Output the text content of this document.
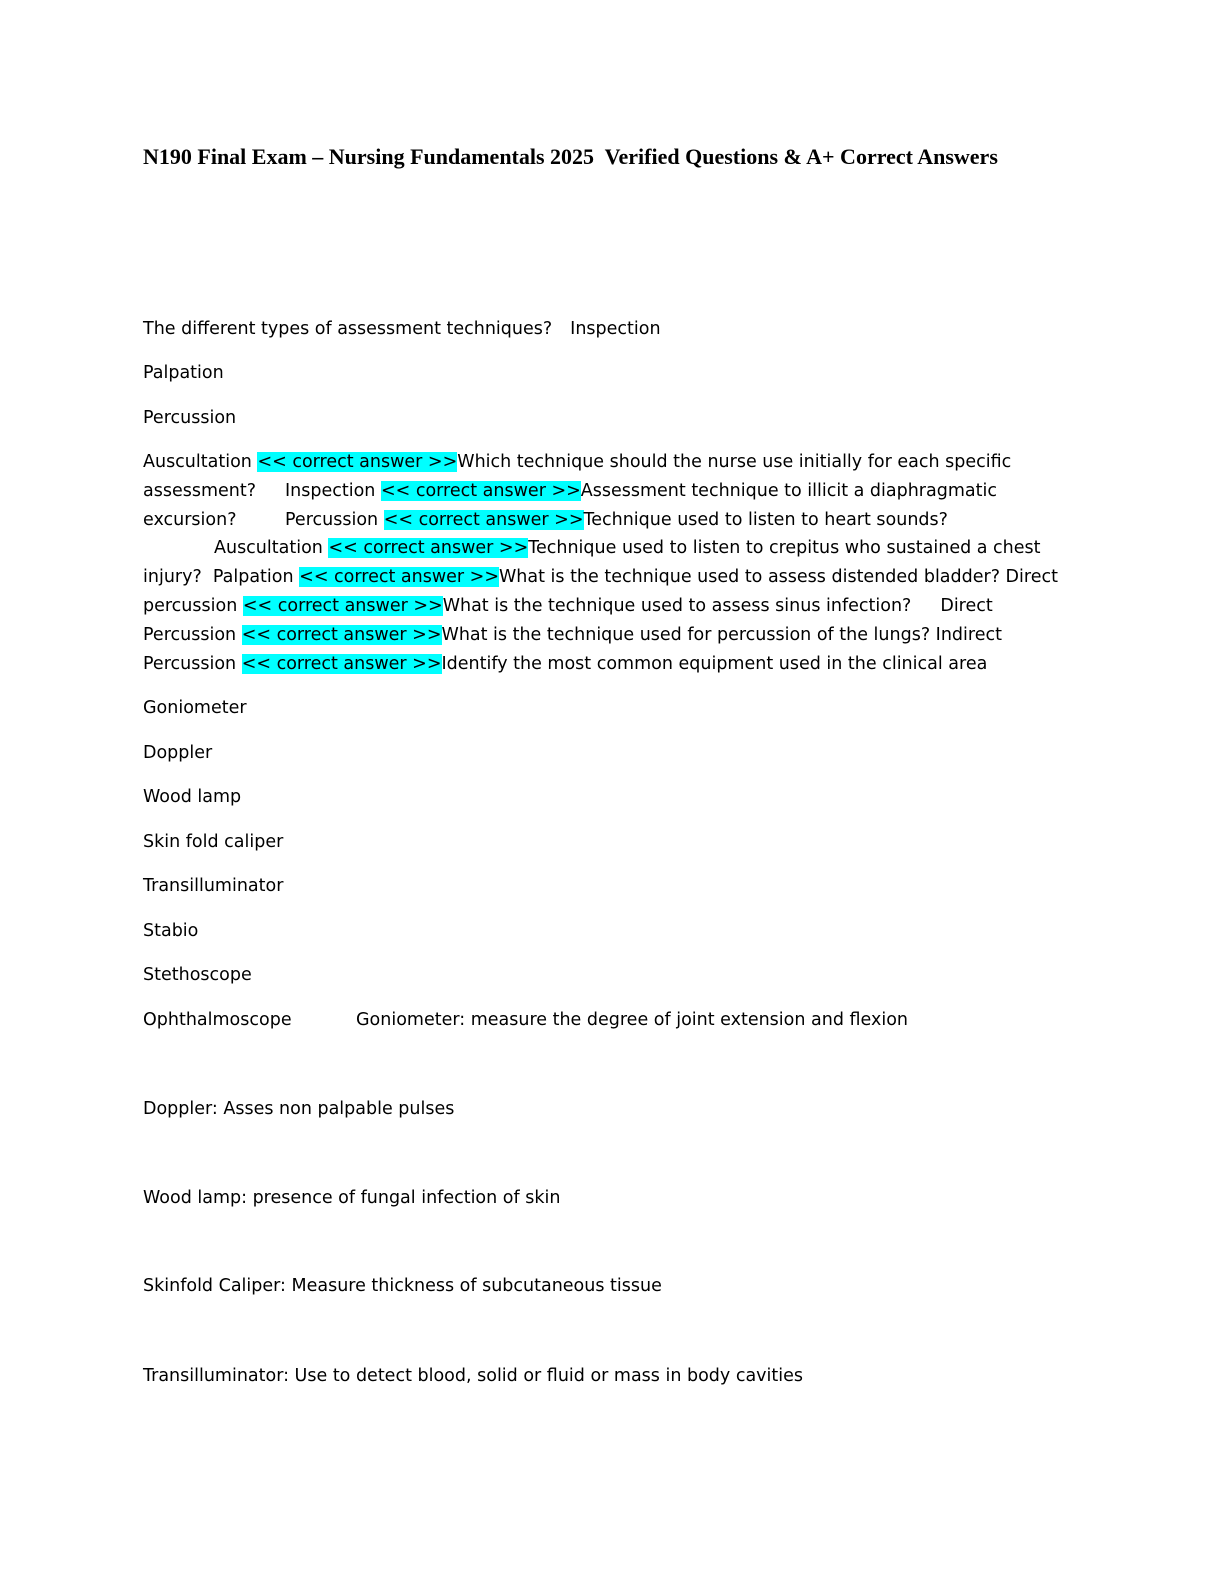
N190 Final Exam – Nursing Fundamentals 2025  Verified Questions & A+ Correct Answers

The different types of assessment techniques? Inspection

Palpation

Percussion

Auscultation << correct answer >>Which technique should the nurse use initially for each specific

assessment? Inspection << correct answer >>Assessment technique to illicit a diaphragmatic

excursion?	Percussion << correct answer >>Technique used to listen to heart sounds?

Auscultation << correct answer >>Technique used to listen to crepitus who sustained a chest

injury?  Palpation << correct answer >>What is the technique used to assess distended bladder? Direct

percussion << correct answer >>What is the technique used to assess sinus infection? Direct

Percussion << correct answer >>What is the technique used for percussion of the lungs? Indirect

Percussion << correct answer >>Identify the most common equipment used in the clinical area

Goniometer

Doppler

Wood lamp

Skin fold caliper

Transilluminator

Stabio

Stethoscope

Ophthalmoscope	Goniometer: measure the degree of joint extension and flexion

Doppler: Asses non palpable pulses

Wood lamp: presence of fungal infection of skin

Skinfold Caliper: Measure thickness of subcutaneous tissue

Transilluminator: Use to detect blood, solid or fluid or mass in body cavities
